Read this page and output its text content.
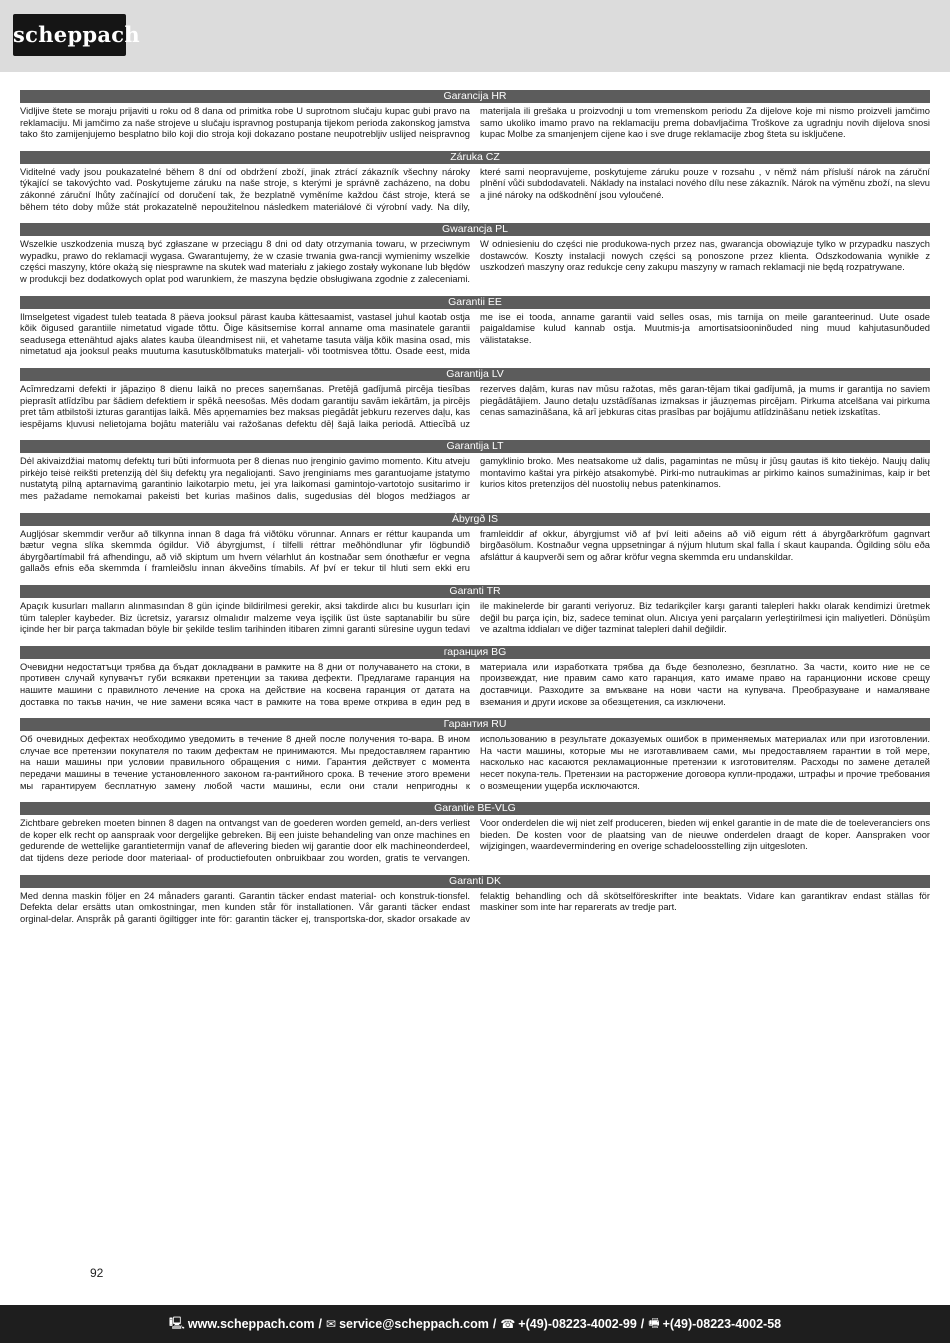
scheppach
Garancija HR

Vidljive štete se moraju prijaviti u roku od 8 dana od primitka robe U suprotnom slučaju kupac gubi pravo na reklamaciju. Mi jamčimo za naše strojeve u slučaju ispravnog postupanja tijekom perioda zakonskog jamstva tako što zamijenjujemo besplatno bilo koji dio stroja koji dokazano postane neupotrebljiv uslijed neispravnog materijala ili grešaka u proizvodnji u tom vremenskom periodu Za dijelove koje mi nismo proizveli jamčimo samo ukoliko imamo pravo na reklamaciju prema dobavljačima Troškove za ugradnju novih dijelova snosi kupac Molbe za smanjenjem cijene kao i sve druge reklamacije zbog šteta su isključene.

Záruka CZ

Viditelné vady jsou poukazatelné během 8 dní od obdržení zboží, jinak ztrácí zákazník všechny nároky týkající se takovýchto vad. Poskytujeme záruku na naše stroje, s kterými je správně zacházeno, na dobu zákonné záruční lhůty začínající od doručení tak, že bezplatně vyměníme každou část stroje, která se během této doby může stát prokazatelně nepoužitelnou následkem materiálové či výrobní vady. Na díly, které sami neopravujeme, poskytujeme záruku pouze v rozsahu , v němž nám přísluší nárok na záruční plnění vůči subdodavateli. Náklady na instalaci nového dílu nese zákazník. Nárok na výměnu zboží, na slevu a jiné nároky na odškodnění jsou vyloučené.

Gwarancja PL

Wszelkie uszkodzenia muszą być zgłaszane w przeciągu 8 dni od daty otrzymania towaru, w przeciwnym wypadku, prawo do reklamacji wygasa. Gwarantujemy, że w czasie trwania gwa-rancji wymienimy wszelkie części maszyny, które okażą się niesprawne na skutek wad materiału z jakiego zostały wykonane lub błędów w produkcji bez dodatkowych oplat pod warunkiem, że maszyna będzie obsługiwana zgodnie z zaleceniami. W odniesieniu do części nie produkowa-nych przez nas, gwarancja obowiązuje tylko w przypadku naszych dostawców. Koszty instalacji nowych części są ponoszone przez klienta. Odszkodowania wynikłe z uszkodzeń maszyny oraz redukcje ceny zakupu maszyny w ramach reklamacji nie będą rozpatrywane.

Garantii EE

Ilmselgetest vigadest tuleb teatada 8 päeva jooksul pärast kauba kättesaamist, vastasel juhul kaotab ostja kõik õigused garantiile nimetatud vigade tõttu. Õige käsitsemise korral anname oma masinatele garantii seadusega ettenähtud ajaks alates kauba üleandmisest nii, et vahetame tasuta välja kõik masina osad, mis nimetatud aja jooksul peaks muutuma kasutuskõlbmatuks materjali- või tootmisvea tõttu. Osade eest, mida me ise ei tooda, anname garantii vaid selles osas, mis tarnija on meile garanteerinud. Uute osade paigaldamise kulud kannab ostja. Muutmis-ja amortisatsiooninõuded ning muud kahjutasunõuded välistatakse.

Garantija LV

Acīmredzami defekti ir jāpaziņo 8 dienu laikā no preces saņemšanas. Pretējā gadījumā pircēja tiesības pieprasīt atlīdzību par šādiem defektiem ir spēkā neesošas. Mēs dodam garantiju savām iekārtām, ja pircējs pret tām atbilstoši izturas garantijas laikā. Mēs apņemamies bez maksas piegādāt jebkuru rezerves daļu, kas iespējams kļuvusi nelietojama bojātu materiālu vai ražošanas defektu dēļ šajā laika periodā. Attiecībā uz rezerves daļām, kuras nav mūsu ražotas, mēs garan-tējam tikai gadījumā, ja mums ir garantija no saviem piegādātājiem. Jauno detaļu uzstādīšanas izmaksas ir jāuzņemas pircējam. Pirkuma atcelšana vai pirkuma cenas samazināšana, kā arī jebkuras citas prasības par bojājumu atlīdzināšanu netiek izskatītas.

Garantija LT

Dėl akivaizdžiai matomų defektų turi būti informuota per 8 dienas nuo įrenginio gavimo momento. Kitu atveju pirkėjo teisė reikšti pretenziją dėl šių defektų yra negaliojanti. Savo įrenginiams mes garantuojame įstatymo nustatytą pilną aptarnavimą garantinio laikotarpio metu, jei yra laikomasi gamintojo-vartotojo susitarimo ir mes pažadame nemokamai pakeisti bet kurias mašinos dalis, sugedusias dėl blogos medžiagos ar gamyklinio broko. Mes neatsakome už dalis, pagamintas ne mūsų ir jūsų gautas iš kito tiekėjo. Naujų dalių montavimo kaštai yra pirkėjo atsakomybė. Pirki-mo nutraukimas ar pirkimo kainos sumažinimas, kaip ir bet kurios kitos pretenzijos dėl nuostolių nebus patenkinamos.

Ábyrgð IS

Augljósar skemmdir verður að tilkynna innan 8 daga frá viðtöku vörunnar. Annars er réttur kaupanda um bætur vegna slíka skemmda ógildur. Við ábyrgjumst, í tilfelli réttrar meðhöndlunar yfir lögbundið ábyrgðartímabil frá afhendingu, að við skiptum um hvern vélarhlut án kostnaðar sem ónothæfur er vegna gallaðs efnis eða skemmda í framleiðslu innan ákveðins tímabils. Af því er tekur til hluti sem ekki eru framleiddir af okkur, ábyrgjumst við af því leiti aðeins að við eigum rétt á ábyrgðarkröfum gagnvart birgðasölum. Kostnaður vegna uppsetningar á nýjum hlutum skal falla í skaut kaupanda. Ógilding sölu eða afsláttur á kaupverði sem og aðrar kröfur vegna skemmda eru undanskildar.

Garanti TR

Apaçık kusurları malların alınmasından 8 gün içinde bildirilmesi gerekir, aksi takdirde alıcı bu kusurları için tüm talepler kaybeder. Biz ücretsiz, yararsız olmalıdır malzeme veya işçilik üst üste saptanabilir bu süre içinde her bir parça takmadan böyle bir şekilde teslim tarihinden itibaren zimni garanti süresine uygun tedavi ile makinelerde bir garanti veriyoruz. Biz tedarikçiler karşı garanti talepleri hakkı olarak kendimizi üretmek değil bu parça için, biz, sadece teminat olun. Alıcıya yeni parçaların yerleştirilmesi için maliyetleri. Dönüşüm ve azaltma iddiaları ve diğer tazminat talepleri dahil değildir.

гаранция BG

Очевидни недостатъци трябва да бъдат докладвани в рамките на 8 дни от получаването на стоки, в противен случай купувачът губи всякакви претенции за такива дефекти. Предлагаме гаранция на нашите машини с правилното лечение на срока на действие на косвена гаранция от датата на доставка по такъв начин, че ние замени всяка част в рамките на това време открива в един ред в материала или изработката трябва да бъде безполезно, безплатно. За части, които ние не се произвеждат, ние правим само като гаранция, като имаме право на гаранционни искове срещу доставчици. Разходите за вмъкване на нови части на купувача. Преобразуване и намаляване вземания и други искове за обезщетения, са изключени.

Гарантия RU

Об очевидных дефектах необходимо уведомить в течение 8 дней после получения то-вара. В ином случае все претензии покупателя по таким дефектам не принимаются. Мы предоставляем гарантию на наши машины при условии правильного обращения с ними. Гарантия действует с момента передачи машины в течение установленного законом га-рантийного срока. В течение этого времени мы гарантируем бесплатную замену любой части машины, если они стали непригодны к использованию в результате доказуемых ошибок в применяемых материалах или при изготовлении. На части машины, которые мы не изготавливаем сами, мы предоставляем гарантии в той мере, насколько нас касаются рекламационные претензии к изготовителям. Расходы по замене деталей несет покупа-тель. Претензии на расторжение договора купли-продажи, штрафы и прочие требования о возмещении ущерба исключаются.

Garantie BE-VLG

Zichtbare gebreken moeten binnen 8 dagen na ontvangst van de goederen worden gemeld, an-ders verliest de koper elk recht op aanspraak voor dergelijke gebreken. Bij een juiste behandeling van onze machines en gedurende de wettelijke garantietermijn vanaf de aflevering bieden wij garantie door elk machineonderdeel, dat tijdens deze periode door materiaal- of productiefouten onbruikbaar zou worden, gratis te vervangen. Voor onderdelen die wij niet zelf produceren, bieden wij enkel garantie in de mate die de toeleveranciers ons bieden. De kosten voor de plaatsing van de nieuwe onderdelen draagt de koper. Aanspraken voor wijzigingen, waardevermindering en overige schadeloosstelling zijn uitgesloten.

Garanti DK

Med denna maskin följer en 24 månaders garanti. Garantin täcker endast material- och konstruk-tionsfel. Defekta delar ersätts utan omkostningar, men kunden står för installationen. Vår garanti täcker endast orginal-delar. Anspråk på garanti ögiltigger inte för: garantin täcker ej, transportska-dor, skador orsakade av felaktig behandling och då skötselföreskrifter inte beaktats. Vidare kan garantikrav endast ställas för maskiner som inte har reparerats av tredje part.

92
🖳 www.scheppach.com / ✉ service@scheppach.com / ☎ +(49)-08223-4002-99 / 🖷 +(49)-08223-4002-58
